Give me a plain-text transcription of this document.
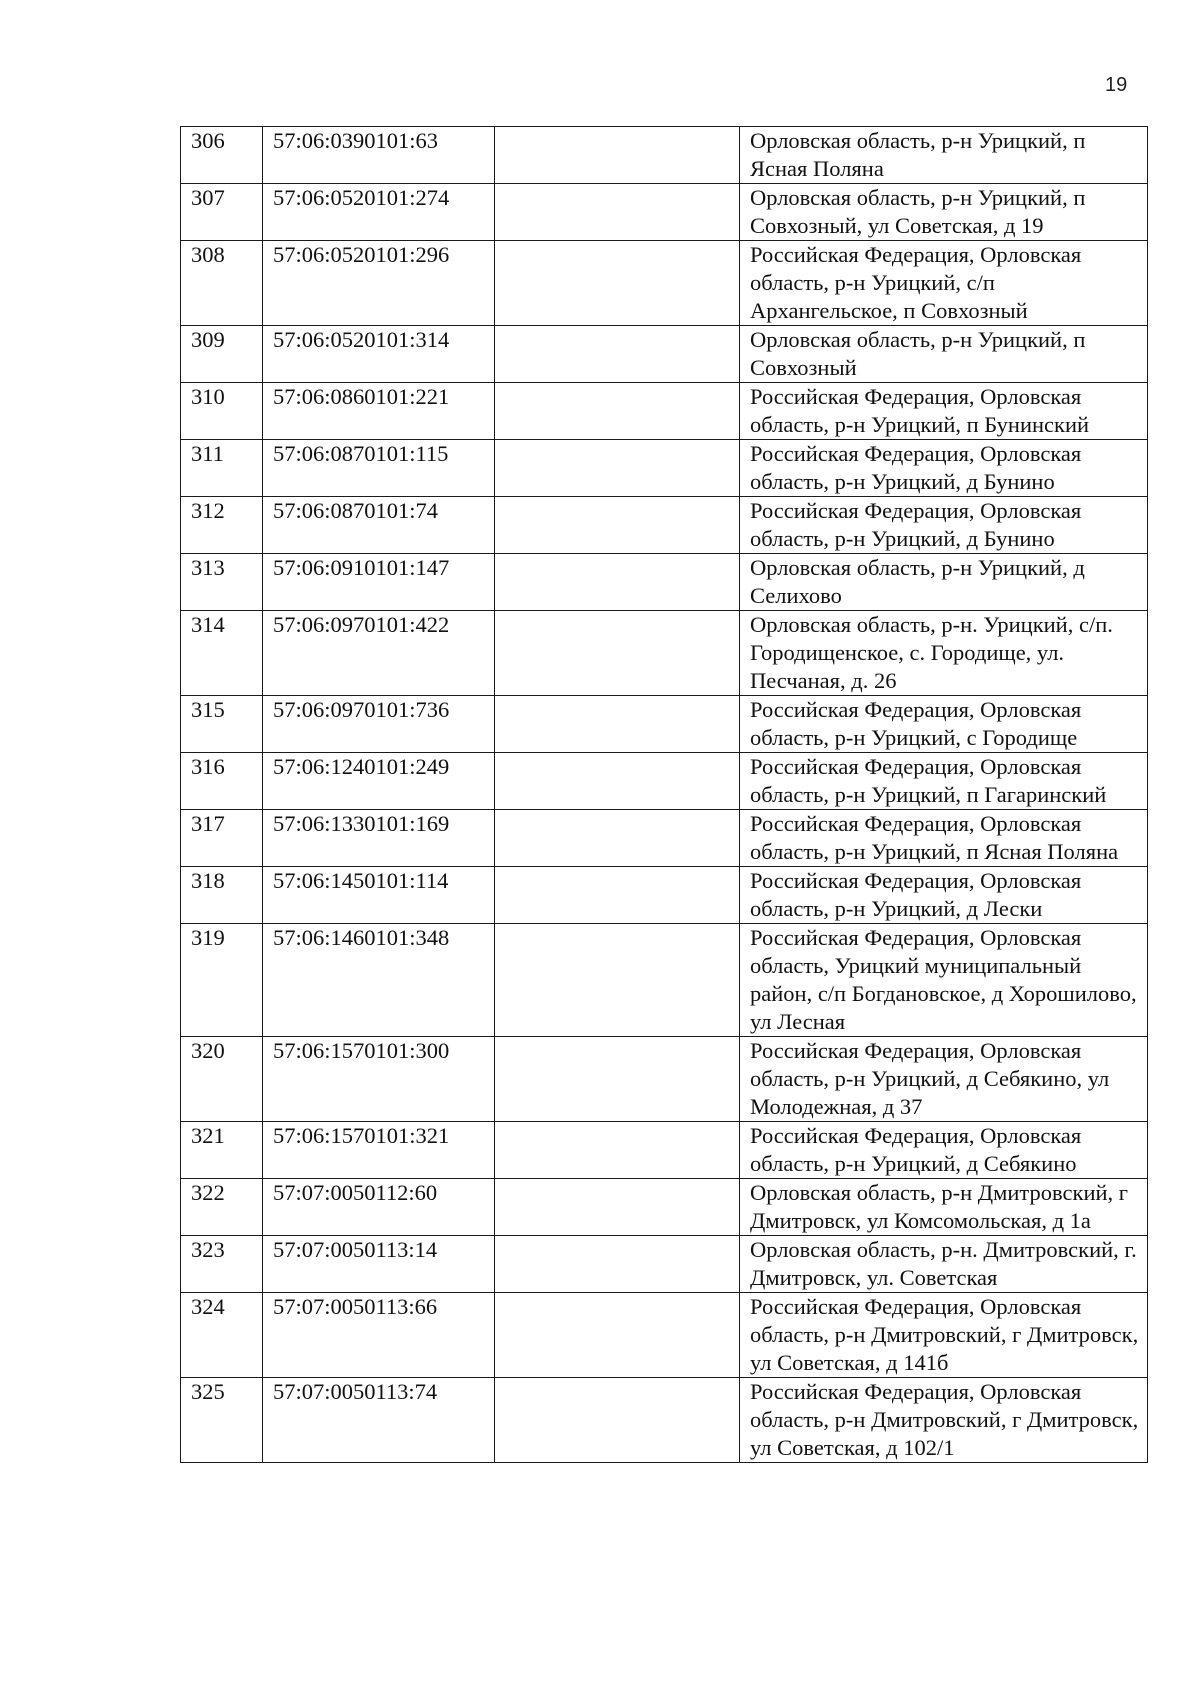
19
306	57:06:0390101:63		Орловская область, р-н Урицкий, п Ясная Поляна
307	57:06:0520101:274		Орловская область, р-н Урицкий, п Совхозный, ул Советская, д 19
308	57:06:0520101:296		Российская Федерация, Орловская область, р-н Урицкий, с/п Архангельское, п Совхозный
309	57:06:0520101:314		Орловская область, р-н Урицкий, п Совхозный
310	57:06:0860101:221		Российская Федерация, Орловская область, р-н Урицкий, п Бунинский
311	57:06:0870101:115		Российская Федерация, Орловская область, р-н Урицкий, д Бунино
312	57:06:0870101:74		Российская Федерация, Орловская область, р-н Урицкий, д Бунино
313	57:06:0910101:147		Орловская область, р-н Урицкий, д Селихово
314	57:06:0970101:422		Орловская область, р-н. Урицкий, с/п. Городищенское, с. Городище, ул. Песчаная, д. 26
315	57:06:0970101:736		Российская Федерация, Орловская область, р-н Урицкий, с Городище
316	57:06:1240101:249		Российская Федерация, Орловская область, р-н Урицкий, п Гагаринский
317	57:06:1330101:169		Российская Федерация, Орловская область, р-н Урицкий, п Ясная Поляна
318	57:06:1450101:114		Российская Федерация, Орловская область, р-н Урицкий, д Лески
319	57:06:1460101:348		Российская Федерация, Орловская область, Урицкий муниципальный район, с/п Богдановское, д Хорошилово, ул Лесная
320	57:06:1570101:300		Российская Федерация, Орловская область, р-н Урицкий, д Себякино, ул Молодежная, д 37
321	57:06:1570101:321		Российская Федерация, Орловская область, р-н Урицкий, д Себякино
322	57:07:0050112:60		Орловская область, р-н Дмитровский, г Дмитровск, ул Комсомольская, д 1а
323	57:07:0050113:14		Орловская область, р-н. Дмитровский, г. Дмитровск, ул. Советская
324	57:07:0050113:66		Российская Федерация, Орловская область, р-н Дмитровский, г Дмитровск, ул Советская, д 141б
325	57:07:0050113:74		Российская Федерация, Орловская область, р-н Дмитровский, г Дмитровск, ул Советская, д 102/1
